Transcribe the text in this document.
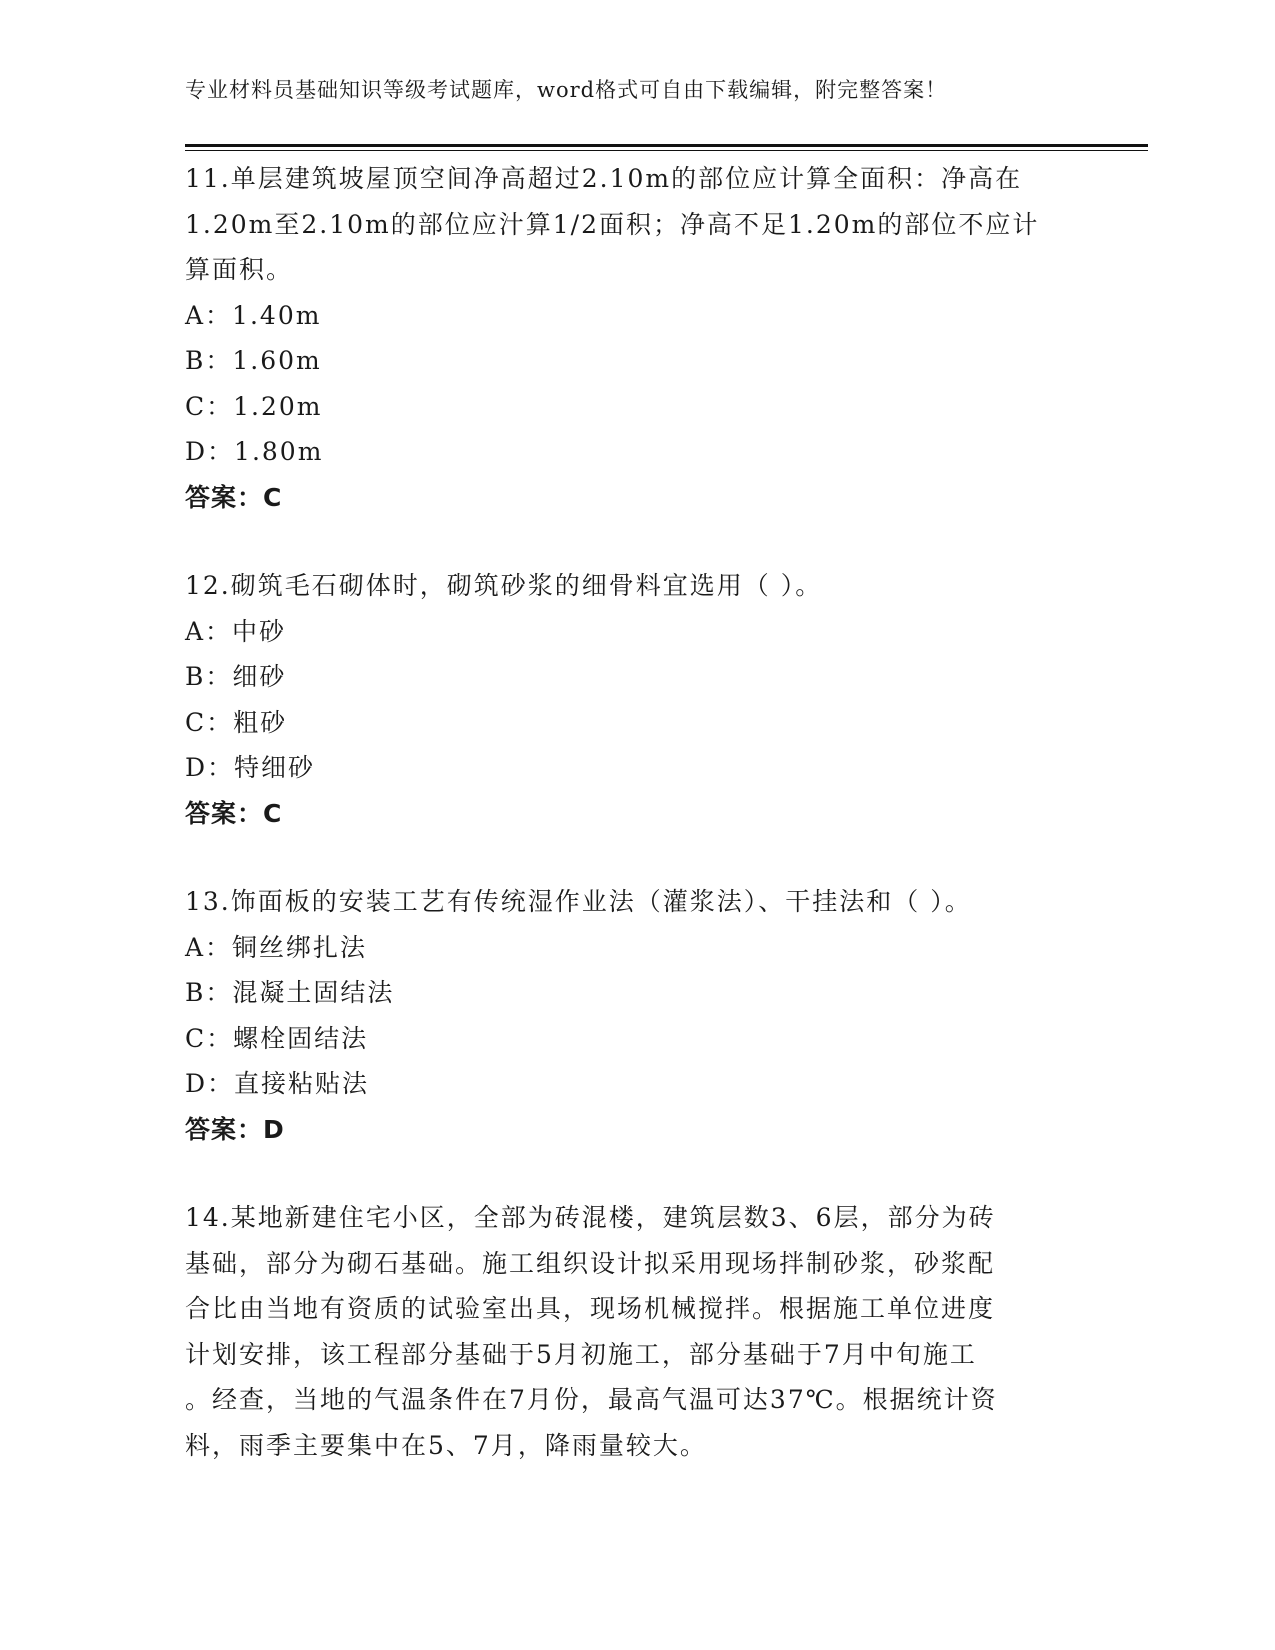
专业材料员基础知识等级考试题库，word格式可自由下载编辑，附完整答案！
11.单层建筑坡屋顶空间净高超过2.10m的部位应计算全面积：净高在
1.20m至2.10m的部位应汁算1/2面积；净高不足1.20m的部位不应计
算面积。
A：1.40m
B：1.60m
C：1.20m
D：1.80m
答案：C
12.砌筑毛石砌体时，砌筑砂浆的细骨料宜选用（ ）。
A：中砂
B：细砂
C：粗砂
D：特细砂
答案：C
13.饰面板的安装工艺有传统湿作业法（灌浆法）、干挂法和（ ）。
A：铜丝绑扎法
B：混凝土固结法
C：螺栓固结法
D：直接粘贴法
答案：D
14.某地新建住宅小区，全部为砖混楼，建筑层数3、6层，部分为砖
基础，部分为砌石基础。施工组织设计拟采用现场拌制砂浆，砂浆配
合比由当地有资质的试验室出具，现场机械搅拌。根据施工单位进度
计划安排，该工程部分基础于5月初施工，部分基础于7月中旬施工
。经查，当地的气温条件在7月份，最高气温可达37℃。根据统计资
料，雨季主要集中在5、7月，降雨量较大。
